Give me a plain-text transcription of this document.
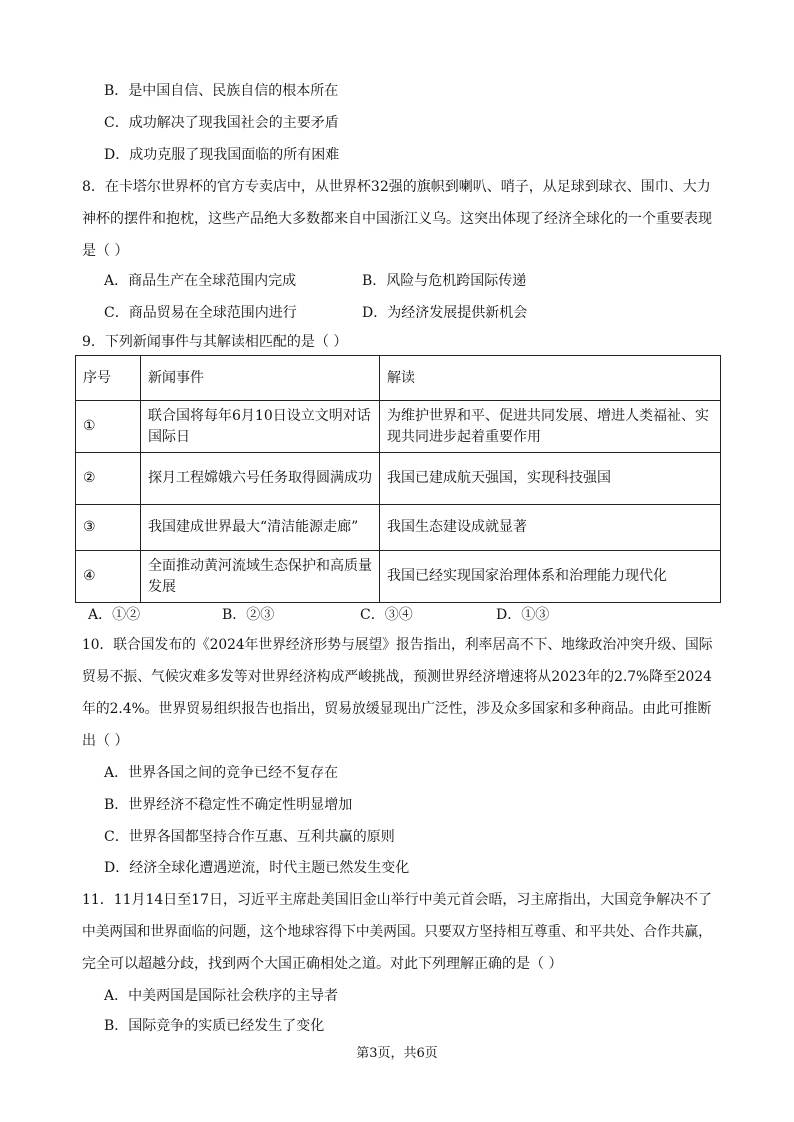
B．是中国自信、民族自信的根本所在
C．成功解决了现我国社会的主要矛盾
D．成功克服了现我国面临的所有困难
8．在卡塔尔世界杯的官方专卖店中，从世界杯32强的旗帜到喇叭、哨子，从足球到球衣、围巾、大力
神杯的摆件和抱枕，这些产品绝大多数都来自中国浙江义乌。这突出体现了经济全球化的一个重要表现
是（ ）
A．商品生产在全球范围内完成	B．风险与危机跨国际传递
C．商品贸易在全球范围内进行	D．为经济发展提供新机会
9．下列新闻事件与其解读相匹配的是（ ）
序号	新闻事件	解读
①	联合国将每年6月10日设立文明对话国际日	为维护世界和平、促进共同发展、增进人类福祉、实现共同进步起着重要作用
②	探月工程嫦娥六号任务取得圆满成功	我国已建成航天强国，实现科技强国
③	我国建成世界最大“清洁能源走廊”	我国生态建设成就显著
④	全面推动黄河流域生态保护和高质量发展	我国已经实现国家治理体系和治理能力现代化
A．①②	B．②③	C．③④	D．①③
10．联合国发布的《2024年世界经济形势与展望》报告指出，利率居高不下、地缘政治冲突升级、国际
贸易不振、气候灾难多发等对世界经济构成严峻挑战，预测世界经济增速将从2023年的2.7%降至2024
年的2.4%。世界贸易组织报告也指出，贸易放缓显现出广泛性，涉及众多国家和多种商品。由此可推断
出（ ）
A．世界各国之间的竞争已经不复存在
B．世界经济不稳定性不确定性明显增加
C．世界各国都坚持合作互惠、互利共赢的原则
D．经济全球化遭遇逆流，时代主题已然发生变化
11．11月14日至17日，习近平主席赴美国旧金山举行中美元首会晤，习主席指出，大国竞争解决不了
中美两国和世界面临的问题，这个地球容得下中美两国。只要双方坚持相互尊重、和平共处、合作共赢，
完全可以超越分歧，找到两个大国正确相处之道。对此下列理解正确的是（ ）
A．中美两国是国际社会秩序的主导者
B．国际竞争的实质已经发生了变化
第3页，共6页
